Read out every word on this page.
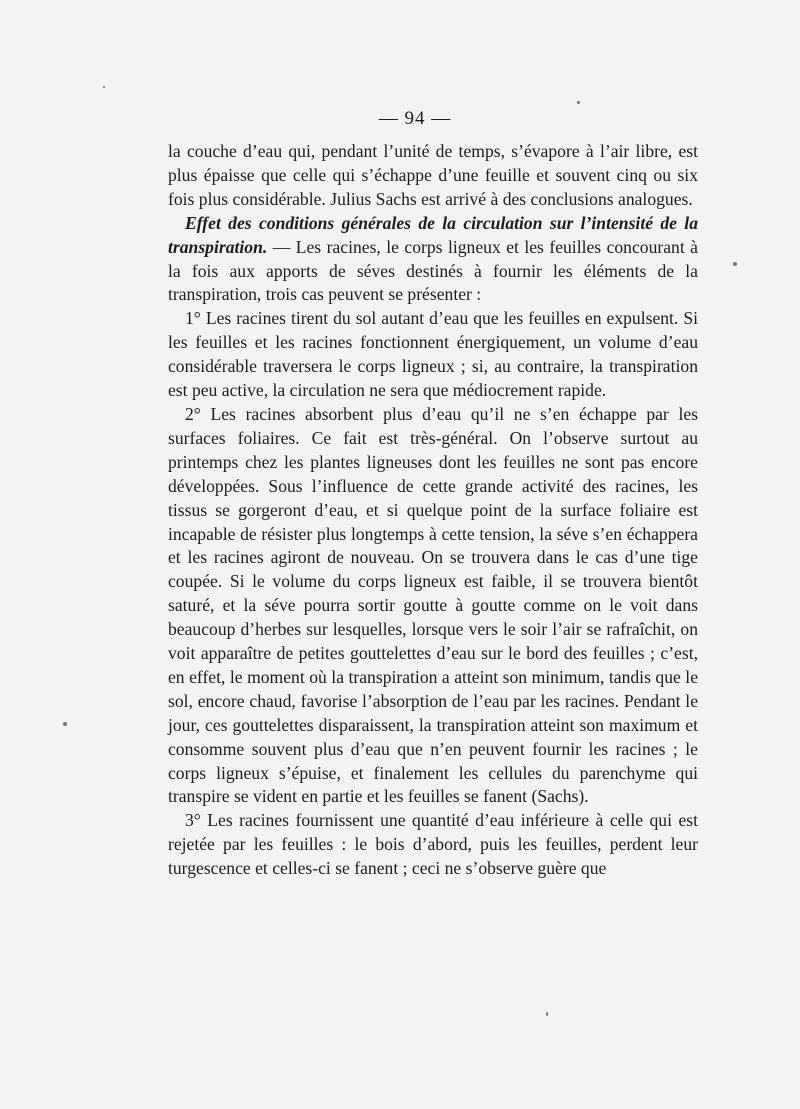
— 94 —

la couche d’eau qui, pendant l’unité de temps, s’évapore à l’air libre, est plus épaisse que celle qui s’échappe d’une feuille et souvent cinq ou six fois plus considérable. Julius Sachs est arrivé à des conclusions analogues.

Effet des conditions générales de la circulation sur l’intensité de la transpiration. — Les racines, le corps ligneux et les feuilles concourant à la fois aux apports de séves destinés à fournir les éléments de la transpiration, trois cas peuvent se présenter :

1° Les racines tirent du sol autant d’eau que les feuilles en expulsent. Si les feuilles et les racines fonctionnent énergiquement, un volume d’eau considérable traversera le corps ligneux ; si, au contraire, la transpiration est peu active, la circulation ne sera que médiocrement rapide.

2° Les racines absorbent plus d’eau qu’il ne s’en échappe par les surfaces foliaires. Ce fait est très-général. On l’observe surtout au printemps chez les plantes ligneuses dont les feuilles ne sont pas encore développées. Sous l’influence de cette grande activité des racines, les tissus se gorgeront d’eau, et si quelque point de la surface foliaire est incapable de résister plus longtemps à cette tension, la séve s’en échappera et les racines agiront de nouveau. On se trouvera dans le cas d’une tige coupée. Si le volume du corps ligneux est faible, il se trouvera bientôt saturé, et la séve pourra sortir goutte à goutte comme on le voit dans beaucoup d’herbes sur lesquelles, lorsque vers le soir l’air se rafraîchit, on voit apparaître de petites gouttelettes d’eau sur le bord des feuilles ; c’est, en effet, le moment où la transpiration a atteint son minimum, tandis que le sol, encore chaud, favorise l’absorption de l’eau par les racines. Pendant le jour, ces gouttelettes disparaissent, la transpiration atteint son maximum et consomme souvent plus d’eau que n’en peuvent fournir les racines ; le corps ligneux s’épuise, et finalement les cellules du parenchyme qui transpire se vident en partie et les feuilles se fanent (Sachs).

3° Les racines fournissent une quantité d’eau inférieure à celle qui est rejetée par les feuilles : le bois d’abord, puis les feuilles, perdent leur turgescence et celles-ci se fanent ; ceci ne s’observe guère que
